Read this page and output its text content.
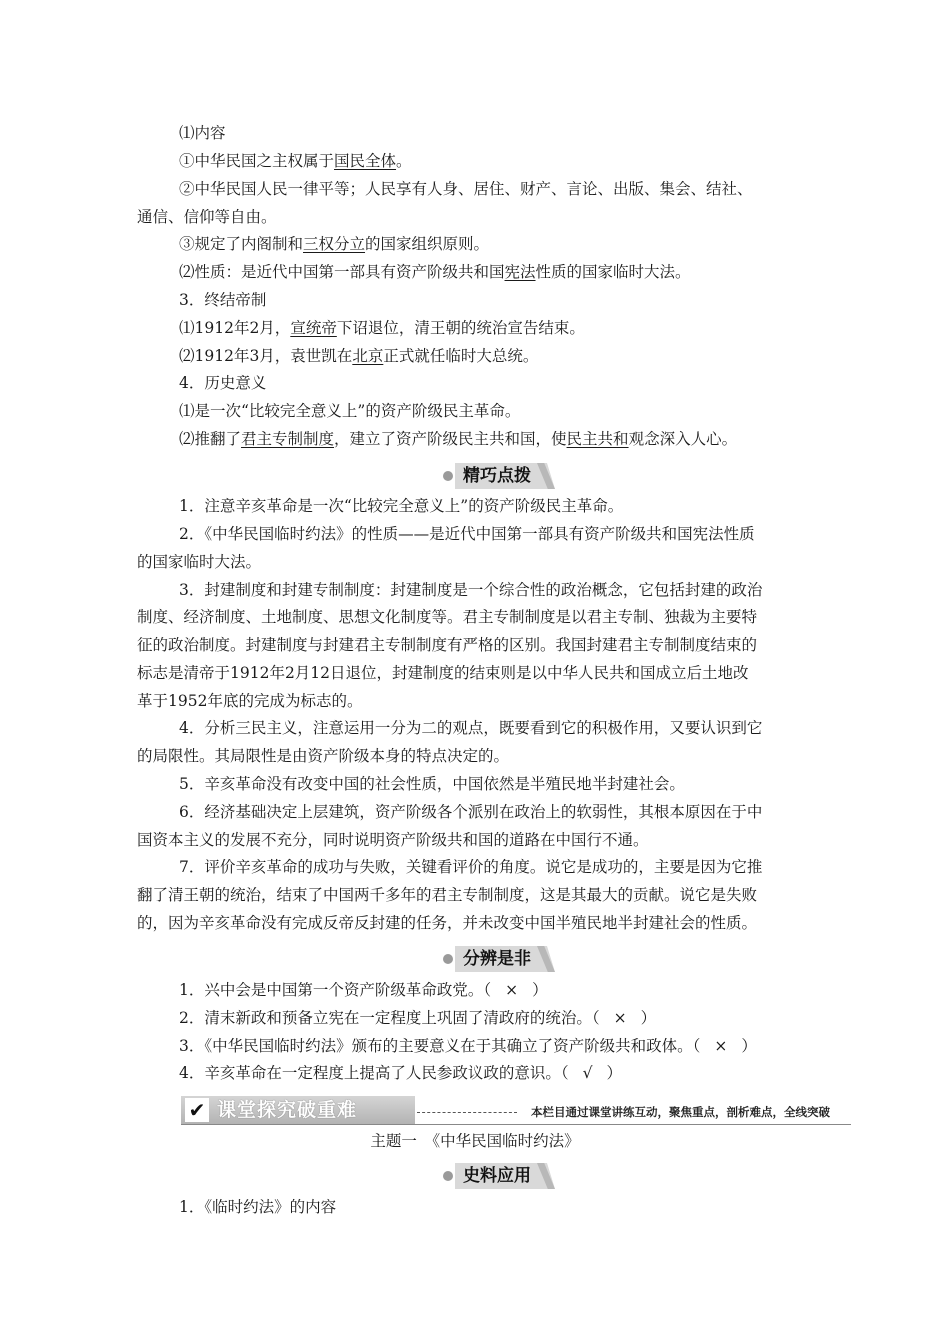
⑴内容
①中华民国之主权属于国民全体。
②中华民国人民一律平等；人民享有人身、居住、财产、言论、出版、集会、结社、
通信、信仰等自由。
③规定了内阁制和三权分立的国家组织原则。
⑵性质：是近代中国第一部具有资产阶级共和国宪法性质的国家临时大法。
3．终结帝制
⑴1912年2月，宣统帝下诏退位，清王朝的统治宣告结束。
⑵1912年3月，袁世凯在北京正式就任临时大总统。
4．历史意义
⑴是一次“比较完全意义上”的资产阶级民主革命。
⑵推翻了君主专制制度，建立了资产阶级民主共和国，使民主共和观念深入人心。
精巧点拨
1．注意辛亥革命是一次“比较完全意义上”的资产阶级民主革命。
2．《中华民国临时约法》的性质——是近代中国第一部具有资产阶级共和国宪法性质
的国家临时大法。
3．封建制度和封建专制制度：封建制度是一个综合性的政治概念，它包括封建的政治
制度、经济制度、土地制度、思想文化制度等。君主专制制度是以君主专制、独裁为主要特
征的政治制度。封建制度与封建君主专制制度有严格的区别。我国封建君主专制制度结束的
标志是清帝于1912年2月12日退位，封建制度的结束则是以中华人民共和国成立后土地改
革于1952年底的完成为标志的。
4．分析三民主义，注意运用一分为二的观点，既要看到它的积极作用，又要认识到它
的局限性。其局限性是由资产阶级本身的特点决定的。
5．辛亥革命没有改变中国的社会性质，中国依然是半殖民地半封建社会。
6．经济基础决定上层建筑，资产阶级各个派别在政治上的软弱性，其根本原因在于中
国资本主义的发展不充分，同时说明资产阶级共和国的道路在中国行不通。
7．评价辛亥革命的成功与失败，关键看评价的角度。说它是成功的，主要是因为它推
翻了清王朝的统治，结束了中国两千多年的君主专制制度，这是其最大的贡献。说它是失败
的，因为辛亥革命没有完成反帝反封建的任务，并未改变中国半殖民地半封建社会的性质。
分辨是非
1．兴中会是中国第一个资产阶级革命政党。（ × ）
2．清末新政和预备立宪在一定程度上巩固了清政府的统治。（ × ）
3．《中华民国临时约法》颁布的主要意义在于其确立了资产阶级共和政体。（ × ）
4．辛亥革命在一定程度上提高了人民参政议政的意识。（ √ ）
✔ 课堂探究破重难	本栏目通过课堂讲练互动，聚焦重点，剖析难点，全线突破
主题一　《中华民国临时约法》
史料应用
1．《临时约法》的内容
